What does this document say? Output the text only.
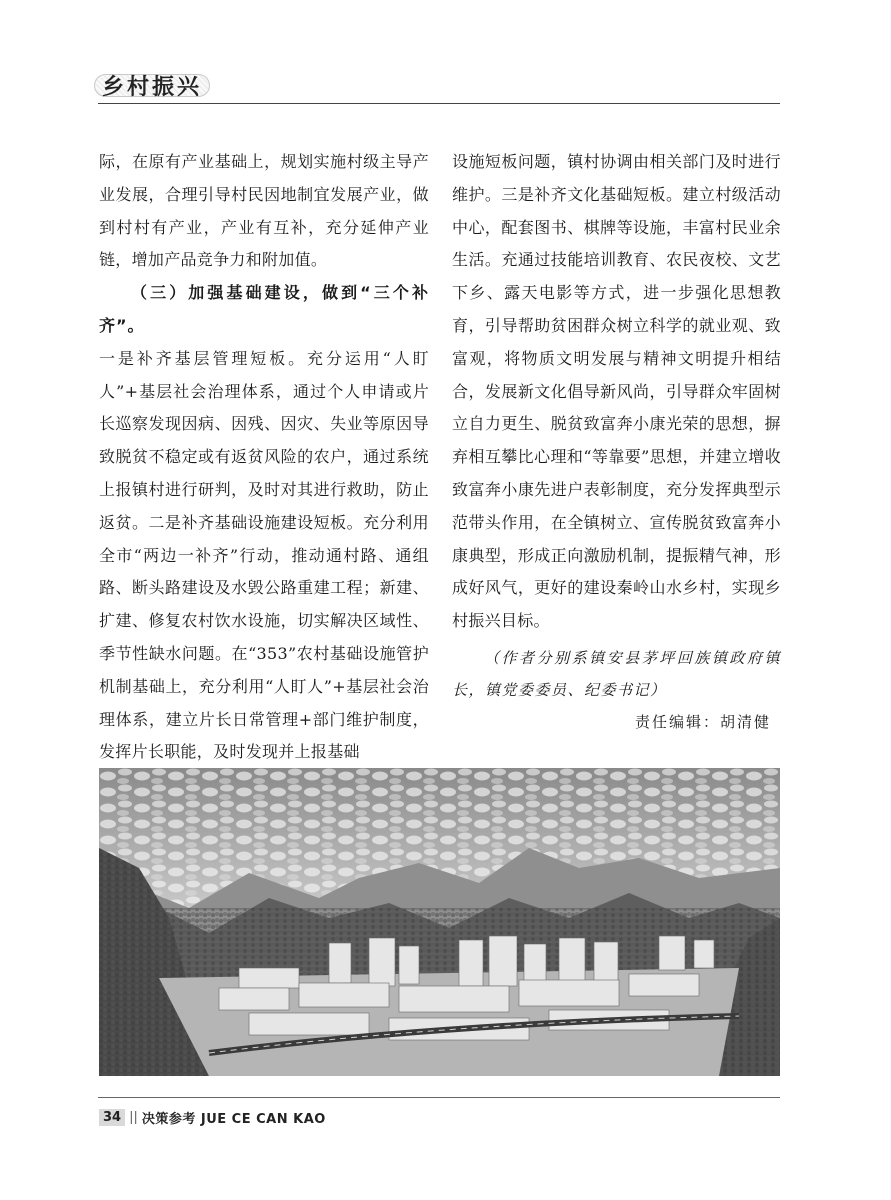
乡村振兴

际，在原有产业基础上，规划实施村级主导产业发展，合理引导村民因地制宜发展产业，做到村村有产业，产业有互补，充分延伸产业链，增加产品竞争力和附加值。

（三）加强基础建设，做到“三个补齐”。

一是补齐基层管理短板。充分运用“人盯人”+基层社会治理体系，通过个人申请或片长巡察发现因病、因残、因灾、失业等原因导致脱贫不稳定或有返贫风险的农户，通过系统上报镇村进行研判，及时对其进行救助，防止返贫。二是补齐基础设施建设短板。充分利用全市“两边一补齐”行动，推动通村路、通组路、断头路建设及水毁公路重建工程；新建、扩建、修复农村饮水设施，切实解决区域性、季节性缺水问题。在“353”农村基础设施管护机制基础上，充分利用“人盯人”+基层社会治理体系，建立片长日常管理+部门维护制度，发挥片长职能，及时发现并上报基础

设施短板问题，镇村协调由相关部门及时进行维护。三是补齐文化基础短板。建立村级活动中心，配套图书、棋牌等设施，丰富村民业余生活。充通过技能培训教育、农民夜校、文艺下乡、露天电影等方式，进一步强化思想教育，引导帮助贫困群众树立科学的就业观、致富观，将物质文明发展与精神文明提升相结合，发展新文化倡导新风尚，引导群众牢固树立自力更生、脱贫致富奔小康光荣的思想，摒弃相互攀比心理和“等靠要”思想，并建立增收致富奔小康先进户表彰制度，充分发挥典型示范带头作用，在全镇树立、宣传脱贫致富奔小康典型，形成正向激励机制，提振精气神，形成好风气，更好的建设秦岭山水乡村，实现乡村振兴目标。

（作者分别系镇安县茅坪回族镇政府镇长，镇党委委员、纪委书记）

责任编辑：胡清健

34 || 决策参考 JUE CE CAN KAO
